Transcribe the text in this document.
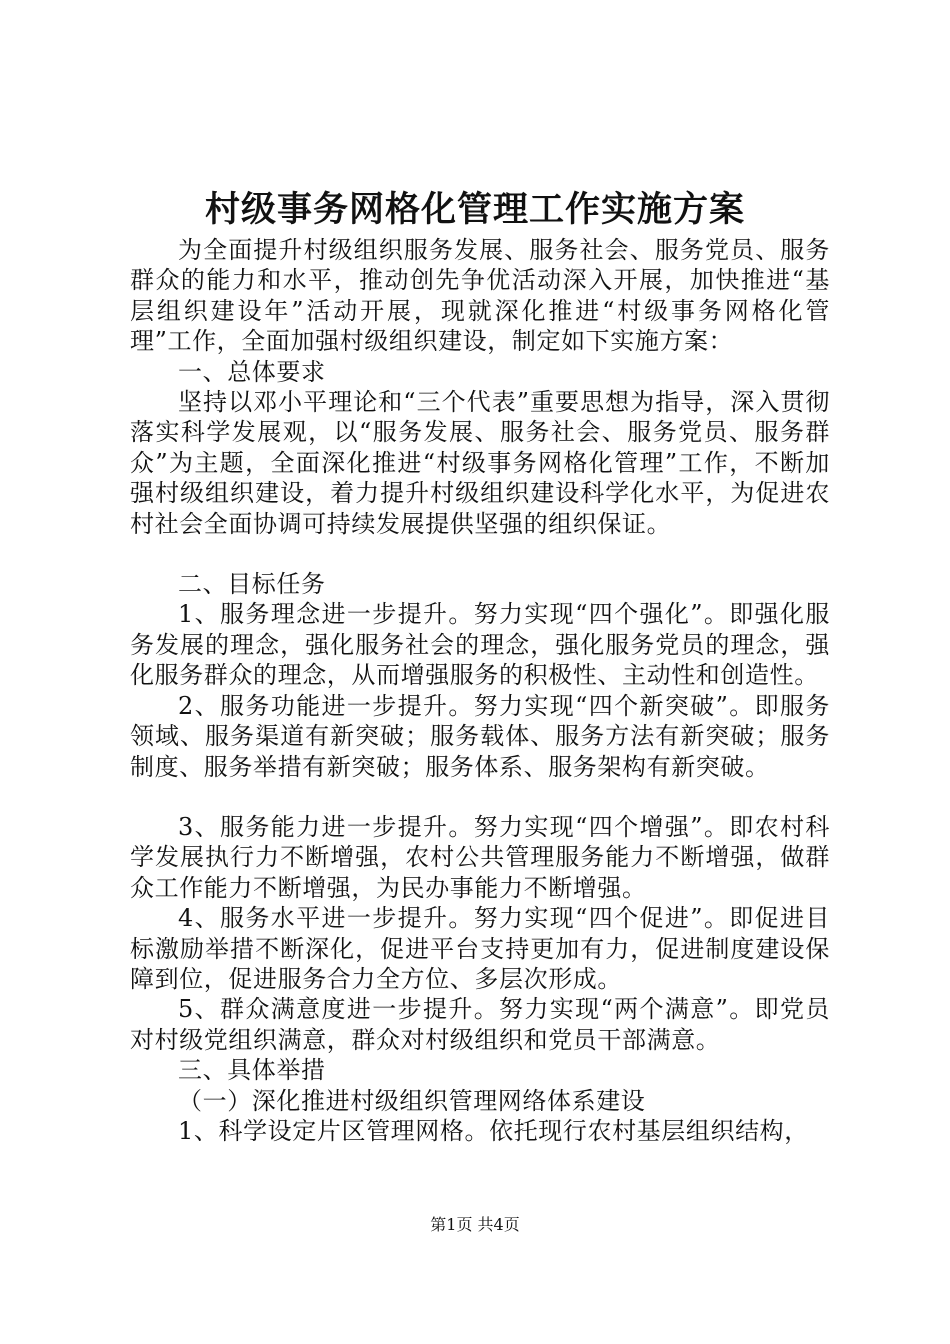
村级事务网格化管理工作实施方案

为全面提升村级组织服务发展、服务社会、服务党员、服务群众的能力和水平，推动创先争优活动深入开展，加快推进“基层组织建设年”活动开展，现就深化推进“村级事务网格化管理”工作，全面加强村级组织建设，制定如下实施方案：

一、总体要求

坚持以邓小平理论和“三个代表”重要思想为指导，深入贯彻落实科学发展观，以“服务发展、服务社会、服务党员、服务群众”为主题，全面深化推进“村级事务网格化管理”工作，不断加强村级组织建设，着力提升村级组织建设科学化水平，为促进农村社会全面协调可持续发展提供坚强的组织保证。

二、目标任务

1、服务理念进一步提升。努力实现“四个强化”。即强化服务发展的理念，强化服务社会的理念，强化服务党员的理念，强化服务群众的理念，从而增强服务的积极性、主动性和创造性。

2、服务功能进一步提升。努力实现“四个新突破”。即服务领域、服务渠道有新突破；服务载体、服务方法有新突破；服务制度、服务举措有新突破；服务体系、服务架构有新突破。

3、服务能力进一步提升。努力实现“四个增强”。即农村科学发展执行力不断增强，农村公共管理服务能力不断增强，做群众工作能力不断增强，为民办事能力不断增强。

4、服务水平进一步提升。努力实现“四个促进”。即促进目标激励举措不断深化，促进平台支持更加有力，促进制度建设保障到位，促进服务合力全方位、多层次形成。

5、群众满意度进一步提升。努力实现“两个满意”。即党员对村级党组织满意，群众对村级组织和党员干部满意。

三、具体举措

（一）深化推进村级组织管理网络体系建设

1、科学设定片区管理网格。依托现行农村基层组织结构，

第1页 共4页
